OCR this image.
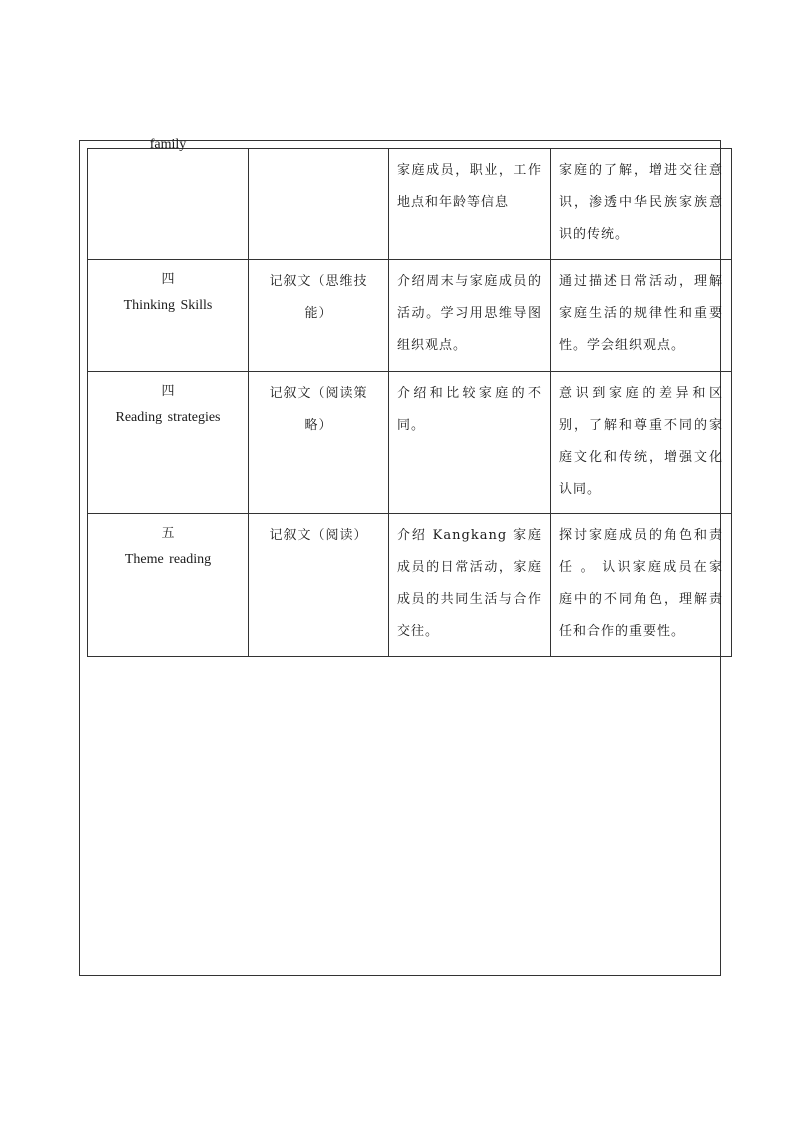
family		家庭成员，职业，工作地点和年龄等信息	家庭的了解，增进交往意识，渗透中华民族家族意识的传统。

四
Thinking Skills	记叙文（思维技能）	介绍周末与家庭成员的活动。学习用思维导图组织观点。	通过描述日常活动，理解家庭生活的规律性和重要性。学会组织观点。

四
Reading strategies	记叙文（阅读策略）	介绍和比较家庭的不同。	意识到家庭的差异和区别，了解和尊重不同的家庭文化和传统，增强文化认同。

五
Theme reading	记叙文（阅读）	介绍 Kangkang 家庭成员的日常活动，家庭成员的共同生活与合作交往。	探讨家庭成员的角色和责任 。 认识家庭成员在家庭中的不同角色，理解责任和合作的重要性。
